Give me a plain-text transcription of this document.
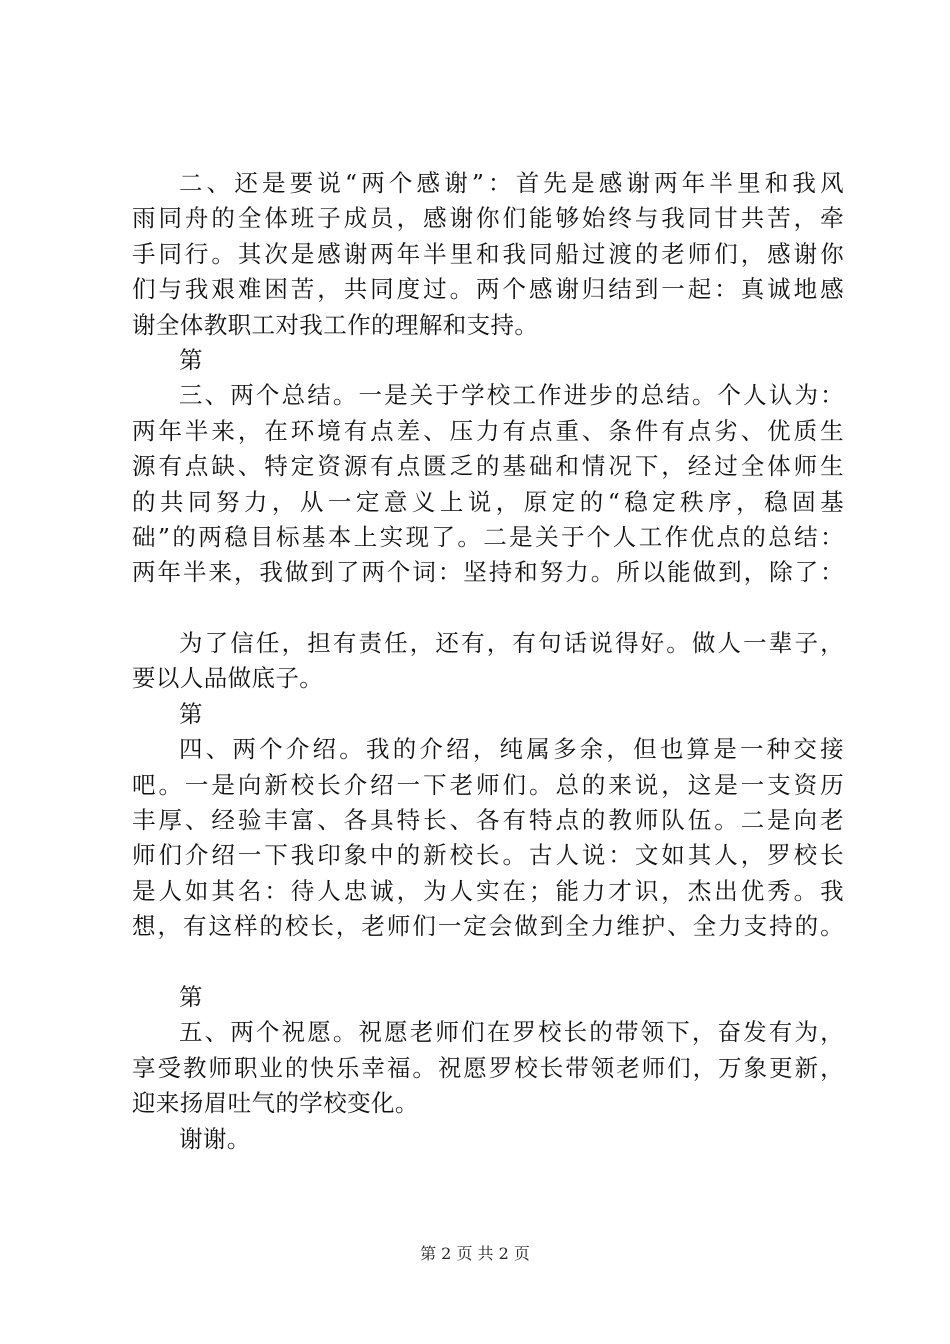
二、还是要说“两个感谢”：首先是感谢两年半里和我风
雨同舟的全体班子成员，感谢你们能够始终与我同甘共苦，牵
手同行。其次是感谢两年半里和我同船过渡的老师们，感谢你
们与我艰难困苦，共同度过。两个感谢归结到一起：真诚地感
谢全体教职工对我工作的理解和支持。
第
三、两个总结。一是关于学校工作进步的总结。个人认为：
两年半来，在环境有点差、压力有点重、条件有点劣、优质生
源有点缺、特定资源有点匮乏的基础和情况下，经过全体师生
的共同努力，从一定意义上说，原定的“稳定秩序，稳固基
础”的两稳目标基本上实现了。二是关于个人工作优点的总结：
两年半来，我做到了两个词：坚持和努力。所以能做到，除了：
为了信任，担有责任，还有，有句话说得好。做人一辈子，
要以人品做底子。
第
四、两个介绍。我的介绍，纯属多余，但也算是一种交接
吧。一是向新校长介绍一下老师们。总的来说，这是一支资历
丰厚、经验丰富、各具特长、各有特点的教师队伍。二是向老
师们介绍一下我印象中的新校长。古人说：文如其人，罗校长
是人如其名：待人忠诚，为人实在；能力才识，杰出优秀。我
想，有这样的校长，老师们一定会做到全力维护、全力支持的。
第
五、两个祝愿。祝愿老师们在罗校长的带领下，奋发有为，
享受教师职业的快乐幸福。祝愿罗校长带领老师们，万象更新，
迎来扬眉吐气的学校变化。
谢谢。
第 2 页 共 2 页
